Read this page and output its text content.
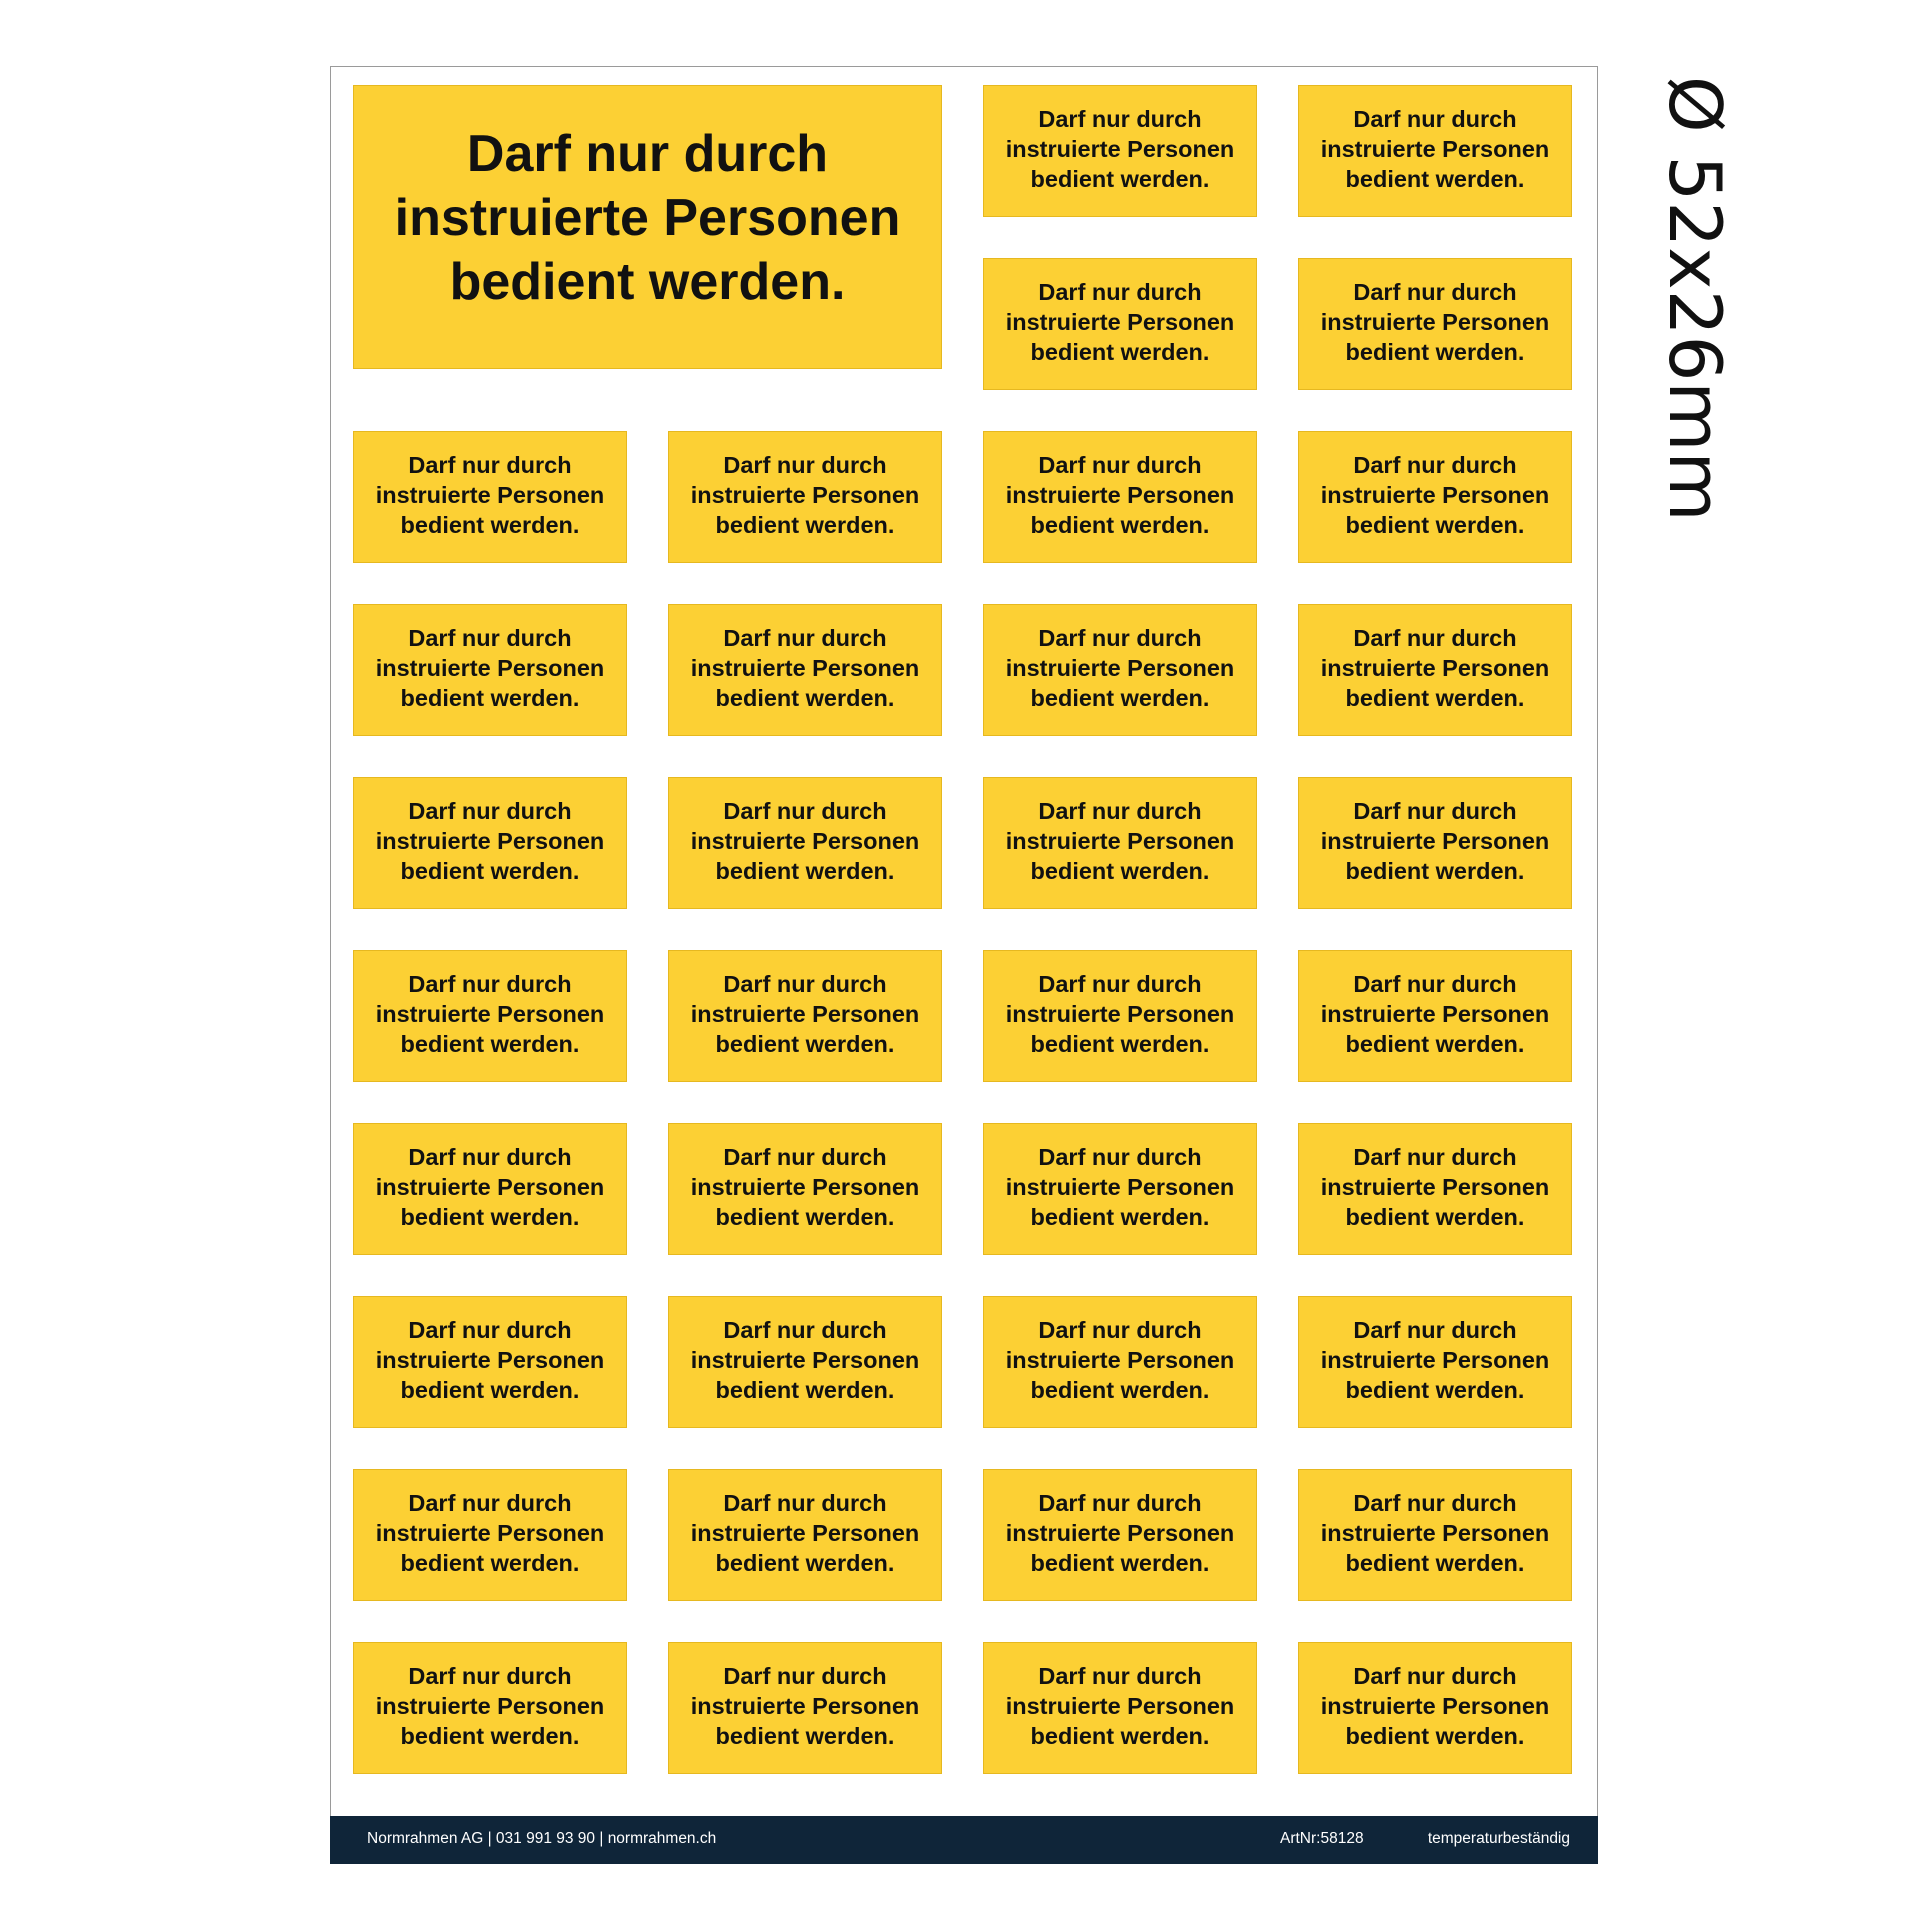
Darf nur durch instruierte Personen bedient werden.
Darf nur durch instruierte Personen bedient werden.
Darf nur durch instruierte Personen bedient werden.
Darf nur durch instruierte Personen bedient werden.
Darf nur durch instruierte Personen bedient werden.
Darf nur durch instruierte Personen bedient werden.
Darf nur durch instruierte Personen bedient werden.
Darf nur durch instruierte Personen bedient werden.
Darf nur durch instruierte Personen bedient werden.
Darf nur durch instruierte Personen bedient werden.
Darf nur durch instruierte Personen bedient werden.
Darf nur durch instruierte Personen bedient werden.
Darf nur durch instruierte Personen bedient werden.
Darf nur durch instruierte Personen bedient werden.
Darf nur durch instruierte Personen bedient werden.
Darf nur durch instruierte Personen bedient werden.
Darf nur durch instruierte Personen bedient werden.
Darf nur durch instruierte Personen bedient werden.
Darf nur durch instruierte Personen bedient werden.
Darf nur durch instruierte Personen bedient werden.
Darf nur durch instruierte Personen bedient werden.
Darf nur durch instruierte Personen bedient werden.
Darf nur durch instruierte Personen bedient werden.
Darf nur durch instruierte Personen bedient werden.
Darf nur durch instruierte Personen bedient werden.
Darf nur durch instruierte Personen bedient werden.
Darf nur durch instruierte Personen bedient werden.
Darf nur durch instruierte Personen bedient werden.
Darf nur durch instruierte Personen bedient werden.
Darf nur durch instruierte Personen bedient werden.
Darf nur durch instruierte Personen bedient werden.
Darf nur durch instruierte Personen bedient werden.
Darf nur durch instruierte Personen bedient werden.
Darf nur durch instruierte Personen bedient werden.
Darf nur durch instruierte Personen bedient werden.
Darf nur durch instruierte Personen bedient werden.
Darf nur durch instruierte Personen bedient werden.
Normrahmen AG | 031 991 93 90 | normrahmen.ch	ArtNr:58128	temperaturbeständig
Ø 52x26mm
